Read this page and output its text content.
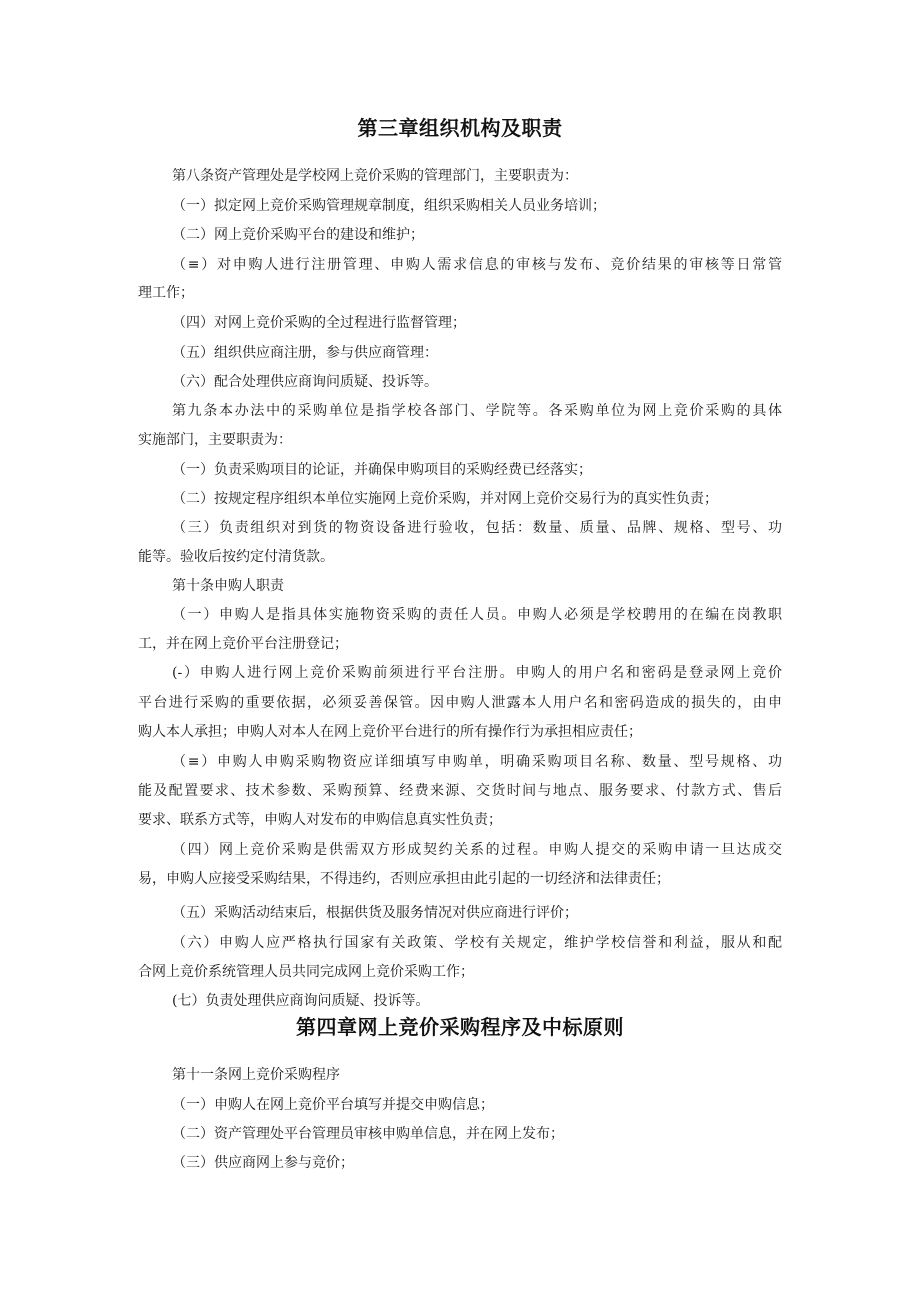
第三章组织机构及职责
第八条资产管理处是学校网上竞价采购的管理部门，主要职责为：
（一）拟定网上竞价采购管理规章制度，组织采购相关人员业务培训；
（二）网上竞价采购平台的建设和维护；
（≡）对申购人进行注册管理、申购人需求信息的审核与发布、竞价结果的审核等日常管
理工作；
（四）对网上竞价采购的全过程进行监督管理；
（五）组织供应商注册，参与供应商管理：
（六）配合处理供应商询问质疑、投诉等。
第九条本办法中的采购单位是指学校各部门、学院等。各采购单位为网上竞价采购的具体
实施部门，主要职责为：
（一）负责采购项目的论证，并确保申购项目的采购经费已经落实；
（二）按规定程序组织本单位实施网上竞价采购，并对网上竞价交易行为的真实性负责；
（三）负责组织对到货的物资设备进行验收，包括：数量、质量、品牌、规格、型号、功
能等。验收后按约定付清货款。
第十条申购人职责
（一）申购人是指具体实施物资采购的责任人员。申购人必须是学校聘用的在编在岗教职
工，并在网上竞价平台注册登记；
(-）申购人进行网上竞价采购前须进行平台注册。申购人的用户名和密码是登录网上竞价
平台进行采购的重要依据，必须妥善保管。因申购人泄露本人用户名和密码造成的损失的，由申
购人本人承担；申购人对本人在网上竞价平台进行的所有操作行为承担相应责任；
（≡）申购人申购采购物资应详细填写申购单，明确采购项目名称、数量、型号规格、功
能及配置要求、技术参数、采购预算、经费来源、交货时间与地点、服务要求、付款方式、售后
要求、联系方式等，申购人对发布的申购信息真实性负责；
（四）网上竞价采购是供需双方形成契约关系的过程。申购人提交的采购申请一旦达成交
易，申购人应接受采购结果，不得违约，否则应承担由此引起的一切经济和法律责任；
（五）采购活动结束后，根据供货及服务情况对供应商进行评价；
（六）申购人应严格执行国家有关政策、学校有关规定，维护学校信誉和利益，服从和配
合网上竞价系统管理人员共同完成网上竞价采购工作；
(七）负责处理供应商询问质疑、投诉等。
第四章网上竞价采购程序及中标原则
第十一条网上竞价采购程序
（一）申购人在网上竞价平台填写并提交申购信息；
（二）资产管理处平台管理员审核申购单信息，并在网上发布；
（三）供应商网上参与竞价；
